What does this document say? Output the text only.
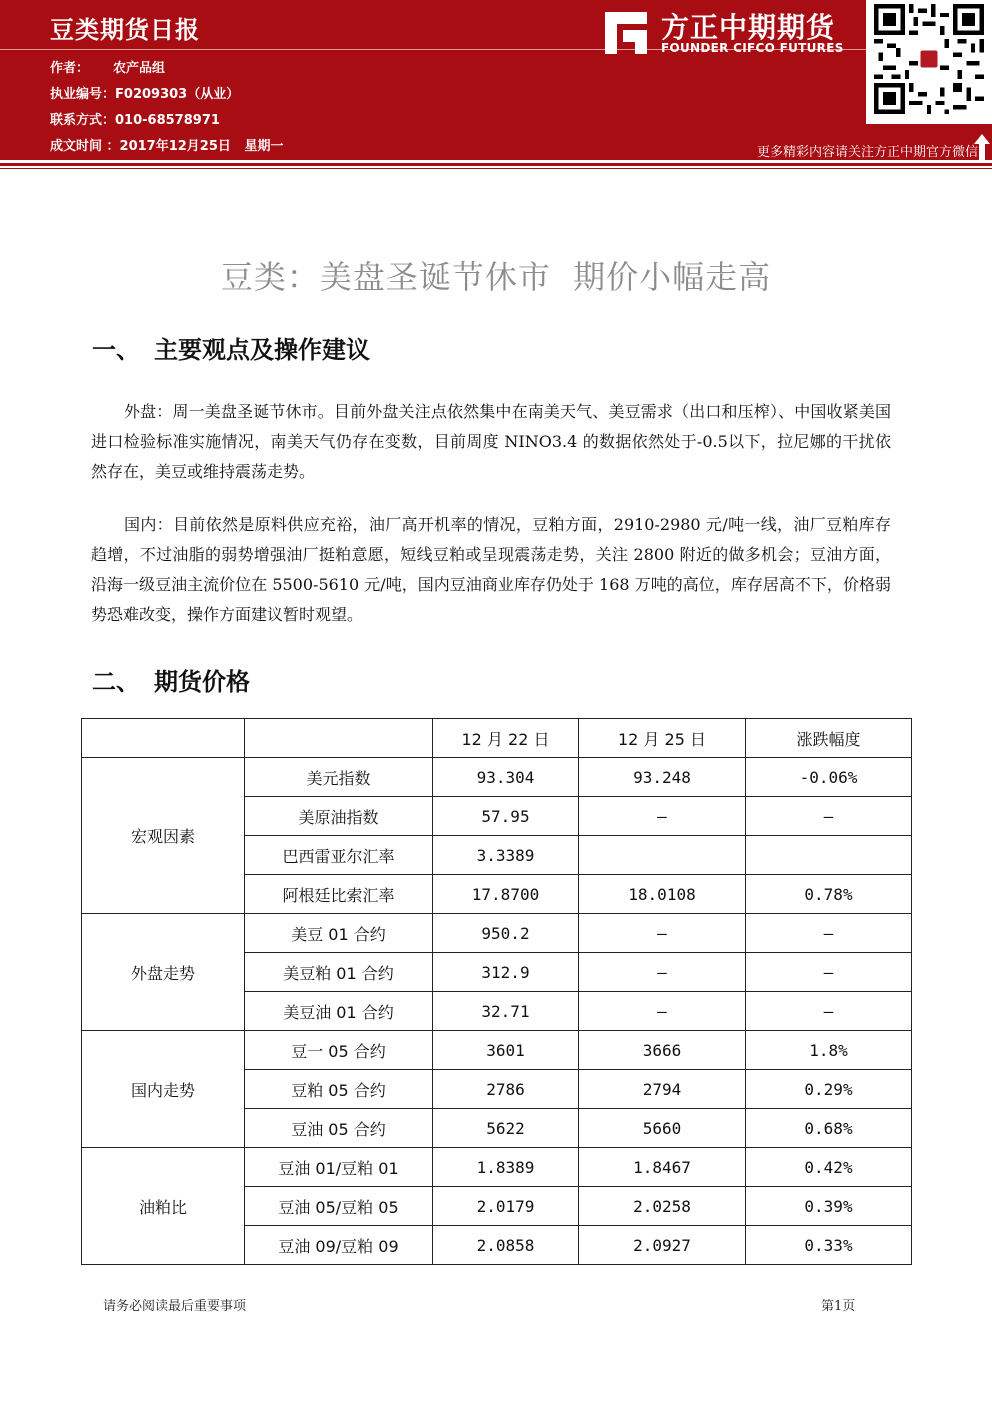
豆类期货日报
作者： 农产品组
执业编号：F0209303（从业）
联系方式：010-68578971
成文时间 ：2017年12月25日   星期一
方正中期期货
FOUNDER CIFCO FUTURES
更多精彩内容请关注方正中期官方微信
豆类：美盘圣诞节休市  期价小幅走高
一、 主要观点及操作建议
外盘：周一美盘圣诞节休市。目前外盘关注点依然集中在南美天气、美豆需求（出口和压榨）、中国收紧美国进口检验标准实施情况，南美天气仍存在变数，目前周度 NINO3.4 的数据依然处于-0.5以下，拉尼娜的干扰依然存在，美豆或维持震荡走势。
国内：目前依然是原料供应充裕，油厂高开机率的情况，豆粕方面，2910-2980 元/吨一线，油厂豆粕库存趋增，不过油脂的弱势增强油厂挺粕意愿，短线豆粕或呈现震荡走势，关注 2800 附近的做多机会；豆油方面，沿海一级豆油主流价位在 5500-5610 元/吨，国内豆油商业库存仍处于 168 万吨的高位，库存居高不下，价格弱势恐难改变，操作方面建议暂时观望。
二、 期货价格
		12 月 22 日	12 月 25 日	涨跌幅度
宏观因素	美元指数	93.304	93.248	-0.06%
	美原油指数	57.95	—	—
	巴西雷亚尔汇率	3.3389		
	阿根廷比索汇率	17.8700	18.0108	0.78%
外盘走势	美豆 01 合约	950.2	—	—
	美豆粕 01 合约	312.9	—	—
	美豆油 01 合约	32.71	—	—
国内走势	豆一 05 合约	3601	3666	1.8%
	豆粕 05 合约	2786	2794	0.29%
	豆油 05 合约	5622	5660	0.68%
油粕比	豆油 01/豆粕 01	1.8389	1.8467	0.42%
	豆油 05/豆粕 05	2.0179	2.0258	0.39%
	豆油 09/豆粕 09	2.0858	2.0927	0.33%
请务必阅读最后重要事项	第1页
